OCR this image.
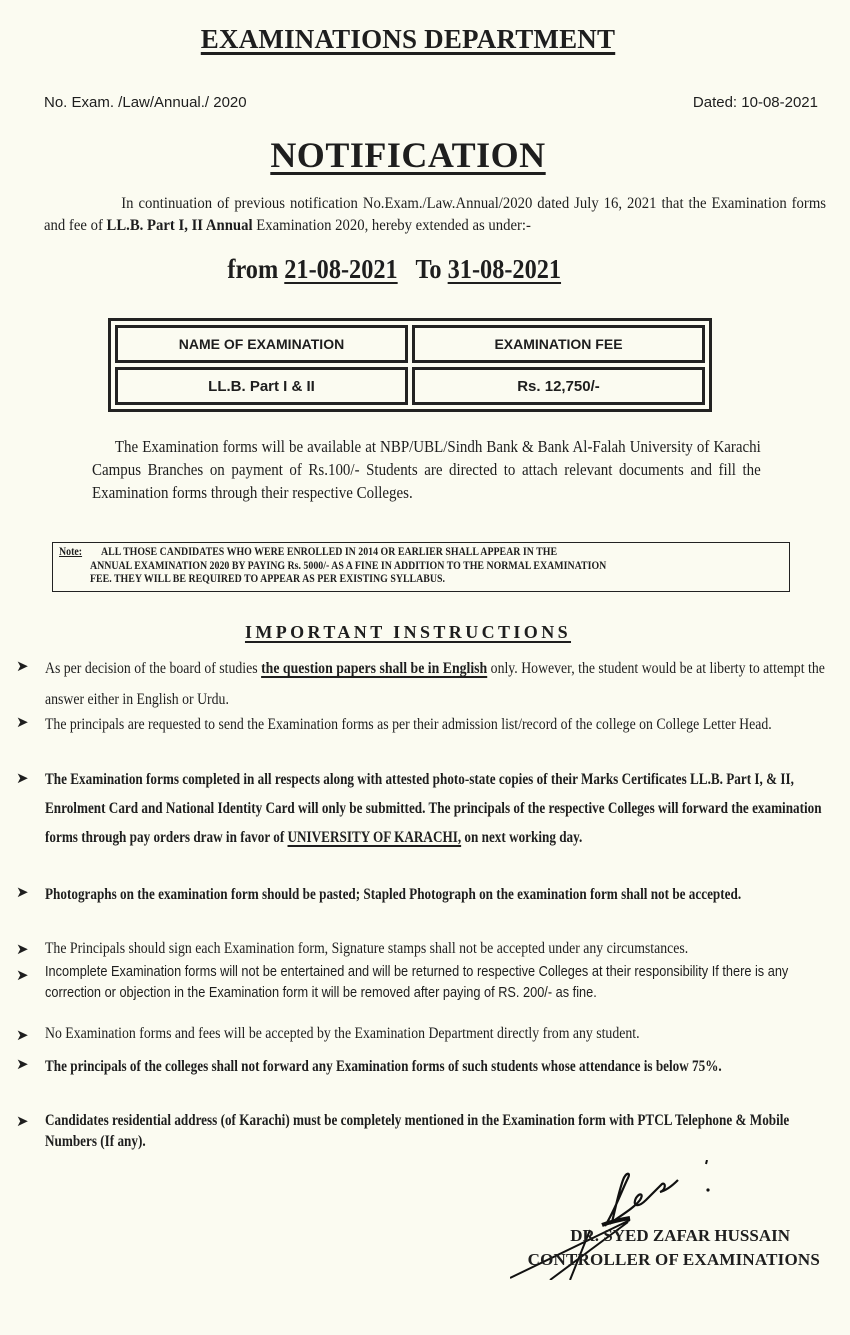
EXAMINATIONS DEPARTMENT
No. Exam. /Law/Annual./ 2020	Dated: 10-08-2021
NOTIFICATION
In continuation of previous notification No.Exam./Law.Annual/2020 dated July 16, 2021 that the Examination forms and fee of LL.B. Part I, II Annual Examination 2020, hereby extended as under:-
from 21-08-2021 To 31-08-2021
NAME OF EXAMINATION	EXAMINATION FEE
LL.B. Part I & II	Rs. 12,750/-
The Examination forms will be available at NBP/UBL/Sindh Bank & Bank Al-Falah University of Karachi Campus Branches on payment of Rs.100/- Students are directed to attach relevant documents and fill the Examination forms through their respective Colleges.
Note: ALL THOSE CANDIDATES WHO WERE ENROLLED IN 2014 OR EARLIER SHALL APPEAR IN THE
ANNUAL EXAMINATION 2020 BY PAYING Rs. 5000/- AS A FINE IN ADDITION TO THE NORMAL EXAMINATION
FEE. THEY WILL BE REQUIRED TO APPEAR AS PER EXISTING SYLLABUS.
IMPORTANT INSTRUCTIONS
➤ As per decision of the board of studies the question papers shall be in English only. However, the student would be at liberty to attempt the answer either in English or Urdu.
➤ The principals are requested to send the Examination forms as per their admission list/record of the college on College Letter Head.
➤ The Examination forms completed in all respects along with attested photo-state copies of their Marks Certificates LL.B. Part I, & II, Enrolment Card and National Identity Card will only be submitted. The principals of the respective Colleges will forward the examination forms through pay orders draw in favor of UNIVERSITY OF KARACHI, on next working day.
➤ Photographs on the examination form should be pasted; Stapled Photograph on the examination form shall not be accepted.
➤ The Principals should sign each Examination form, Signature stamps shall not be accepted under any circumstances.
➤ Incomplete Examination forms will not be entertained and will be returned to respective Colleges at their responsibility If there is any correction or objection in the Examination form it will be removed after paying of RS. 200/- as fine.
➤ No Examination forms and fees will be accepted by the Examination Department directly from any student.
➤ The principals of the colleges shall not forward any Examination forms of such students whose attendance is below 75%.
➤ Candidates residential address (of Karachi) must be completely mentioned in the Examination form with PTCL Telephone & Mobile Numbers (If any).
DR. SYED ZAFAR HUSSAIN
CONTROLLER OF EXAMINATIONS
